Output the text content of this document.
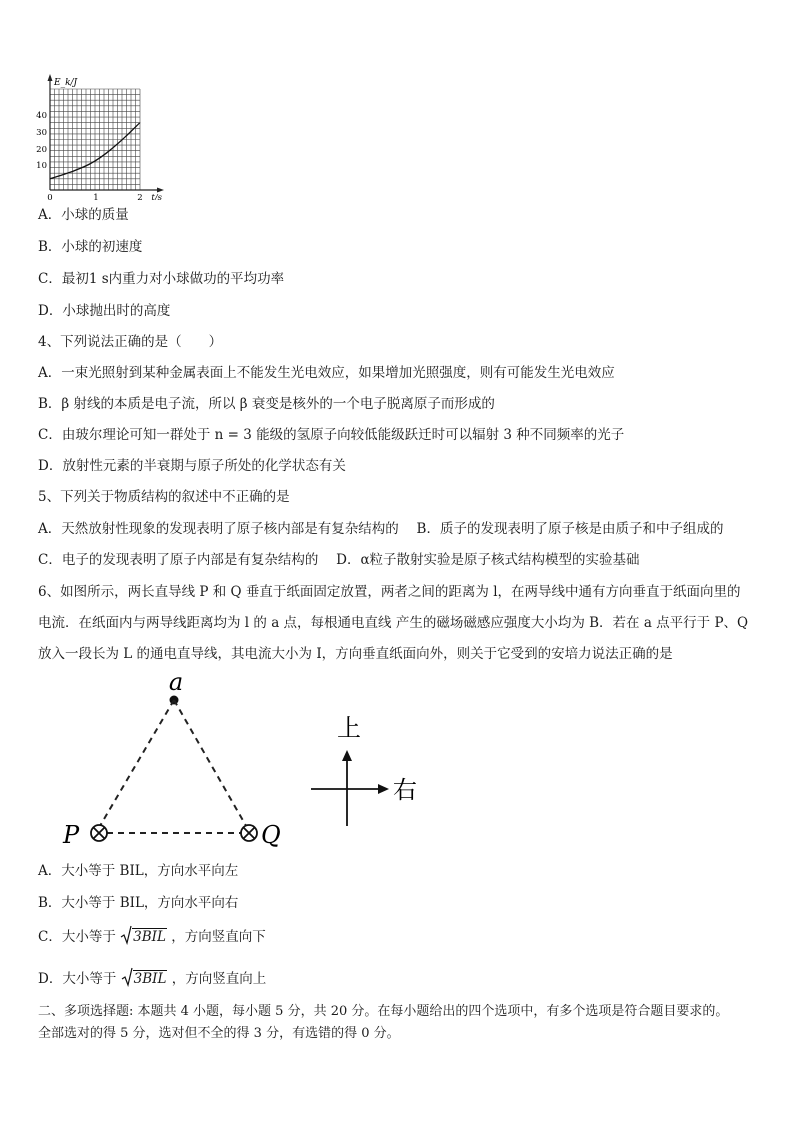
E_k/J
10
20
30
40
0	1	2 t/s
A．小球的质量
B．小球的初速度
C．最初1 s内重力对小球做功的平均功率
D．小球抛出时的高度
4、下列说法正确的是（　　）
A．一束光照射到某种金属表面上不能发生光电效应，如果增加光照强度，则有可能发生光电效应
B．β 射线的本质是电子流，所以 β 衰变是核外的一个电子脱离原子而形成的
C．由玻尔理论可知一群处于 n = 3 能级的氢原子向较低能级跃迁时可以辐射 3 种不同频率的光子
D．放射性元素的半衰期与原子所处的化学状态有关
5、下列关于物质结构的叙述中不正确的是
A．天然放射性现象的发现表明了原子核内部是有复杂结构的　 B．质子的发现表明了原子核是由质子和中子组成的
C．电子的发现表明了原子内部是有复杂结构的　 D．α粒子散射实验是原子核式结构模型的实验基础
6、如图所示，两长直导线 P 和 Q 垂直于纸面固定放置，两者之间的距离为 l，在两导线中通有方向垂直于纸面向里的
电流．在纸面内与两导线距离均为 l 的 a 点，每根通电直线 产生的磁场磁感应强度大小均为 B．若在 a 点平行于 P、Q
放入一段长为 L 的通电直导线，其电流大小为 I，方向垂直纸面向外，则关于它受到的安培力说法正确的是
a
P	Q
上
右
A．大小等于 BIL，方向水平向左
B．大小等于 BIL，方向水平向右
C．大小等于 3BIL ，方向竖直向下
D．大小等于 3BIL ，方向竖直向上
二、多项选择题: 本题共 4 小题，每小题 5 分，共 20 分。在每小题给出的四个选项中，有多个选项是符合题目要求的。
全部选对的得 5 分，选对但不全的得 3 分，有选错的得 0 分。
